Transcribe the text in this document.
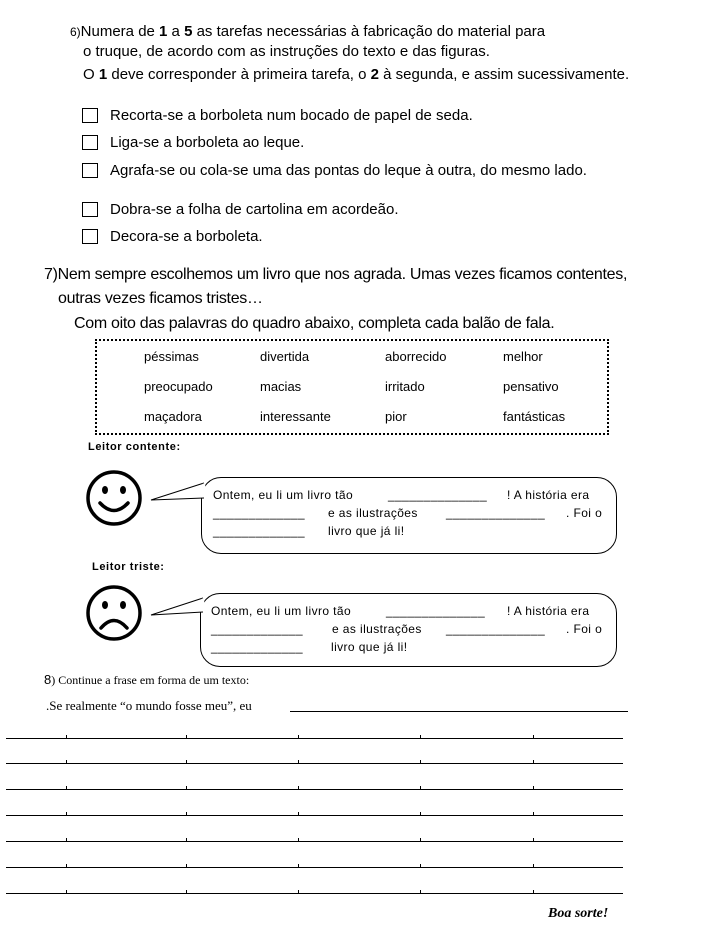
6)Numera de 1 a 5 as tarefas necessárias à fabricação do material para

o truque, de acordo com as instruções do texto e das figuras.

O 1 deve corresponder à primeira tarefa, o 2 à segunda, e assim sucessivamente.

Recorta-se a borboleta num bocado de papel de seda.
Liga-se a borboleta ao leque.
Agrafa-se ou cola-se uma das pontas do leque à outra, do mesmo lado.
Dobra-se a folha de cartolina em acordeão.
Decora-se a borboleta.
7)Nem sempre escolhemos um livro que nos agrada. Umas vezes ficamos contentes,
outras vezes ficamos tristes…
Com oito das palavras do quadro abaixo, completa cada balão de fala.
péssimas	divertida	aborrecido	melhor
preocupado	macias	irritado	pensativo
maçadora	interessante	pior	fantásticas
Leitor contente:
Ontem, eu li um livro tão	______________ ! A história era
_____________ e as ilustrações ______________ . Foi o
_____________ livro que já li!
Leitor triste:
Ontem, eu li um livro tão	______________ ! A história era
_____________ e as ilustrações ______________ . Foi o
_____________ livro que já li!
8) Continue a frase em forma de um texto:
.Se realmente “o mundo fosse meu”, eu
Boa sorte!
